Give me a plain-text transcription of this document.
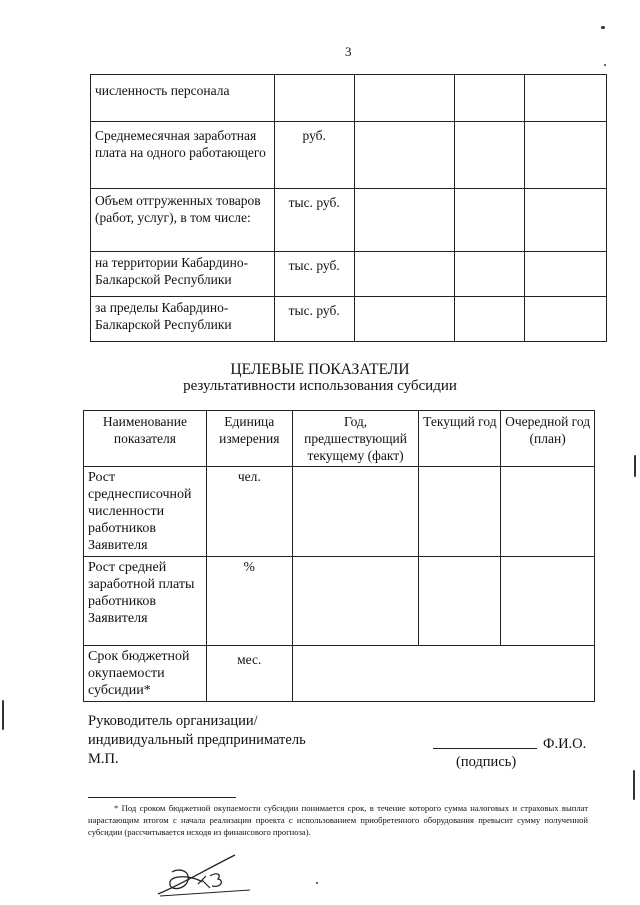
3
численность персонала				
Среднемесячная заработная плата на одного работающего	руб.			
Объем отгруженных товаров (работ, услуг), в том числе:	тыс. руб.			
на территории Кабардино-Балкарской Республики	тыс. руб.			
за пределы Кабардино-Балкарской Республики	тыс. руб.			
ЦЕЛЕВЫЕ ПОКАЗАТЕЛИ
результативности использования субсидии
Наименование показателя	Единица измерения	Год, предшествующий текущему (факт)	Текущий год	Очередной год (план)
Рост среднесписочной численности работников Заявителя	чел.			
Рост средней заработной платы работников Заявителя	%			
Срок бюджетной окупаемости субсидии*	мес.			
Руководитель организации/
индивидуальный предприниматель
М.П.
Ф.И.О.
(подпись)
* Под сроком бюджетной окупаемости субсидии понимается срок, в течение которого сумма налоговых и страховых выплат нарастающим итогом с начала реализации проекта с использованием приобретенного оборудования превысит сумму полученной субсидии (рассчитывается исходя из финансового прогноза).
